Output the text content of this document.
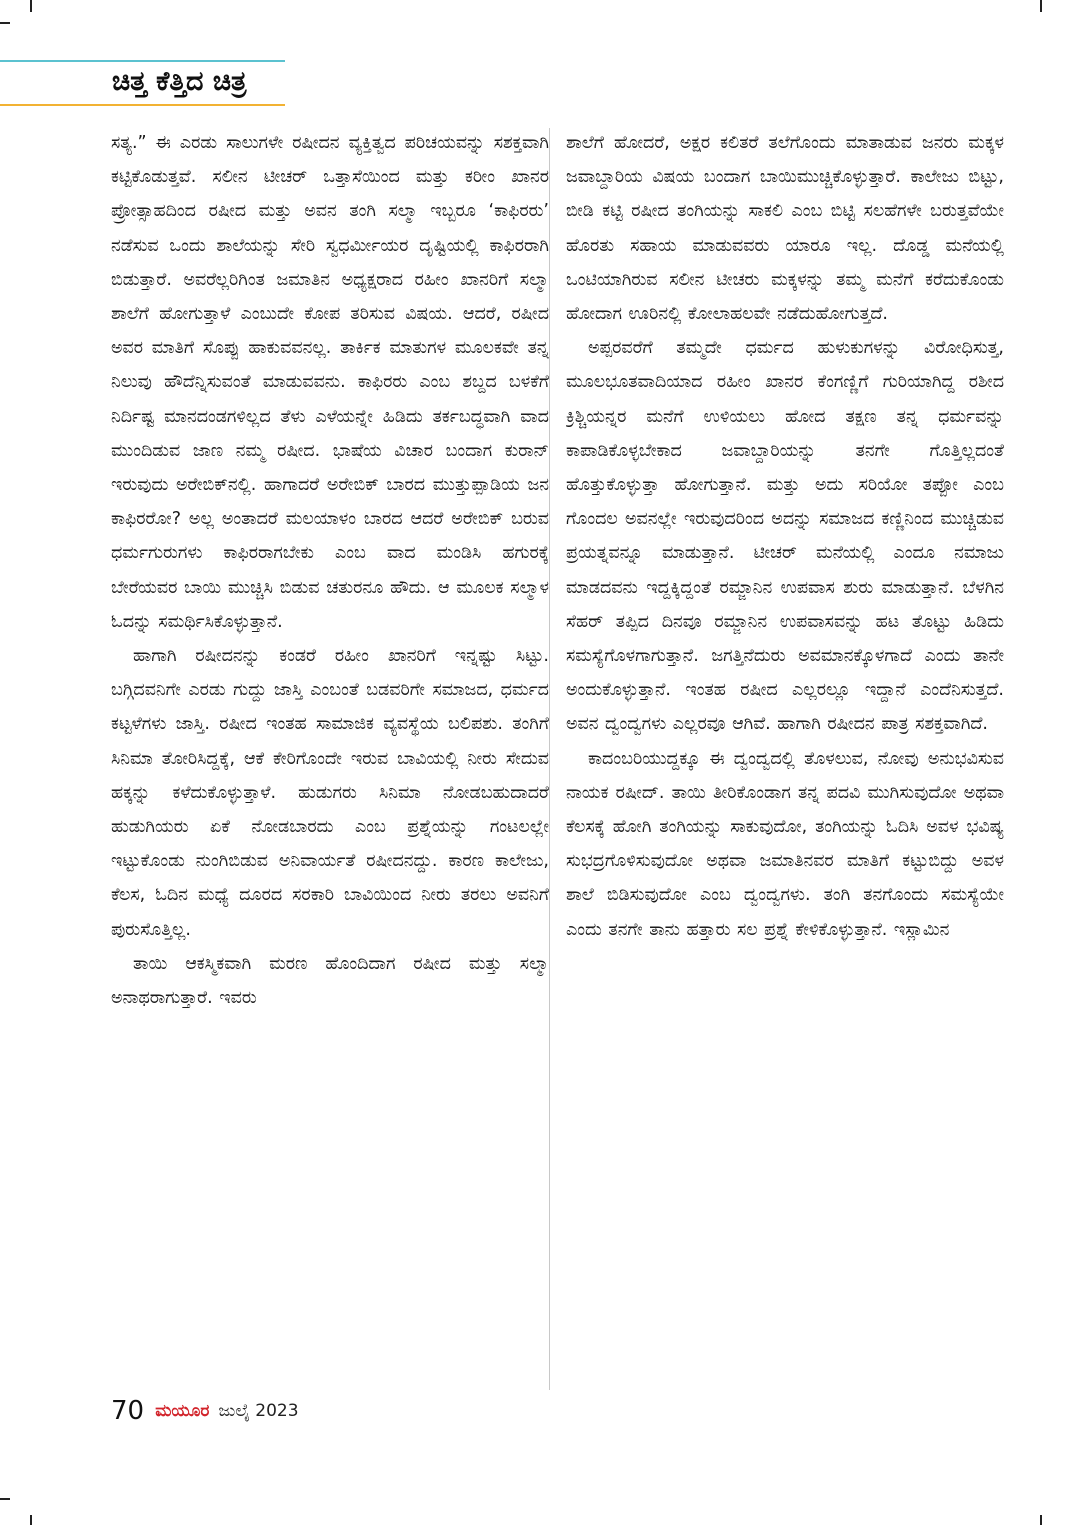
ಚಿತ್ತ ಕೆತ್ತಿದ ಚಿತ್ರ

ಸತ್ಯ.” ಈ ಎರಡು ಸಾಲುಗಳೇ ರಷೀದನ ವ್ಯಕ್ತಿತ್ವದ ಪರಿಚಯವನ್ನು ಸಶಕ್ತವಾಗಿ ಕಟ್ಟಿಕೊಡುತ್ತವೆ. ಸಲೀನ ಟೀಚರ್ ಒತ್ತಾಸೆಯಿಂದ ಮತ್ತು ಕರೀಂ ಖಾನರ ಪ್ರೋತ್ಸಾಹದಿಂದ ರಷೀದ ಮತ್ತು ಅವನ ತಂಗಿ ಸಲ್ಮಾ ಇಬ್ಬರೂ ‘ಕಾಫಿರರು’ ನಡೆಸುವ ಒಂದು ಶಾಲೆಯನ್ನು ಸೇರಿ ಸ್ವಧರ್ಮೀಯರ ದೃಷ್ಟಿಯಲ್ಲಿ ಕಾಫಿರರಾಗಿ ಬಿಡುತ್ತಾರೆ. ಅವರೆಲ್ಲರಿಗಿಂತ ಜಮಾತಿನ ಅಧ್ಯಕ್ಷರಾದ ರಹೀಂ ಖಾನರಿಗೆ ಸಲ್ಮಾ ಶಾಲೆಗೆ ಹೋಗುತ್ತಾಳೆ ಎಂಬುದೇ ಕೋಪ ತರಿಸುವ ವಿಷಯ. ಆದರೆ, ರಷೀದ ಅವರ ಮಾತಿಗೆ ಸೊಪ್ಪು ಹಾಕುವವನಲ್ಲ. ತಾರ್ಕಿಕ ಮಾತುಗಳ ಮೂಲಕವೇ ತನ್ನ ನಿಲುವು ಹೌದೆನ್ನಿಸುವಂತೆ ಮಾಡುವವನು. ಕಾಫಿರರು ಎಂಬ ಶಬ್ದದ ಬಳಕೆಗೆ ನಿರ್ದಿಷ್ಟ ಮಾನದಂಡಗಳಿಲ್ಲದ ತೆಳು ಎಳೆಯನ್ನೇ ಹಿಡಿದು ತರ್ಕಬದ್ಧವಾಗಿ ವಾದ ಮುಂದಿಡುವ ಜಾಣ ನಮ್ಮ ರಷೀದ. ಭಾಷೆಯ ವಿಚಾರ ಬಂದಾಗ ಕುರಾನ್ ಇರುವುದು ಅರೇಬಿಕ್‌ನಲ್ಲಿ. ಹಾಗಾದರೆ ಅರೇಬಿಕ್ ಬಾರದ ಮುತ್ತುಪ್ಪಾಡಿಯ ಜನ ಕಾಫಿರರೋ? ಅಲ್ಲ ಅಂತಾದರೆ ಮಲಯಾಳಂ ಬಾರದ ಆದರೆ ಅರೇಬಿಕ್ ಬರುವ ಧರ್ಮಗುರುಗಳು ಕಾಫಿರರಾಗಬೇಕು ಎಂಬ ವಾದ ಮಂಡಿಸಿ ಹಗುರಕ್ಕೆ ಬೇರೆಯವರ ಬಾಯಿ ಮುಚ್ಚಿಸಿ ಬಿಡುವ ಚತುರನೂ ಹೌದು. ಆ ಮೂಲಕ ಸಲ್ಮಾಳ ಓದನ್ನು ಸಮರ್ಥಿಸಿಕೊಳ್ಳುತ್ತಾನೆ.

ಹಾಗಾಗಿ ರಷೀದನನ್ನು ಕಂಡರೆ ರಹೀಂ ಖಾನರಿಗೆ ಇನ್ನಷ್ಟು ಸಿಟ್ಟು. ಬಗ್ಗಿದವನಿಗೇ ಎರಡು ಗುದ್ದು ಜಾಸ್ತಿ ಎಂಬಂತೆ ಬಡವರಿಗೇ ಸಮಾಜದ, ಧರ್ಮದ ಕಟ್ಟಳೆಗಳು ಜಾಸ್ತಿ. ರಷೀದ ಇಂತಹ ಸಾಮಾಜಿಕ ವ್ಯವಸ್ಥೆಯ ಬಲಿಪಶು. ತಂಗಿಗೆ ಸಿನಿಮಾ ತೋರಿಸಿದ್ದಕ್ಕೆ, ಆಕೆ ಕೇರಿಗೊಂದೇ ಇರುವ ಬಾವಿಯಲ್ಲಿ ನೀರು ಸೇದುವ ಹಕ್ಕನ್ನು ಕಳೆದುಕೊಳ್ಳುತ್ತಾಳೆ. ಹುಡುಗರು ಸಿನಿಮಾ ನೋಡಬಹುದಾದರೆ ಹುಡುಗಿಯರು ಏಕೆ ನೋಡಬಾರದು ಎಂಬ ಪ್ರಶ್ನೆಯನ್ನು ಗಂಟಲಲ್ಲೇ ಇಟ್ಟುಕೊಂಡು ನುಂಗಿಬಿಡುವ ಅನಿವಾರ್ಯತೆ ರಷೀದನದ್ದು. ಕಾರಣ ಕಾಲೇಜು, ಕೆಲಸ, ಓದಿನ ಮಧ್ಯೆ ದೂರದ ಸರಕಾರಿ ಬಾವಿಯಿಂದ ನೀರು ತರಲು ಅವನಿಗೆ ಪುರುಸೊತ್ತಿಲ್ಲ.

ತಾಯಿ ಆಕಸ್ಮಿಕವಾಗಿ ಮರಣ ಹೊಂದಿದಾಗ ರಷೀದ ಮತ್ತು ಸಲ್ಮಾ ಅನಾಥರಾಗುತ್ತಾರೆ. ಇವರು

ಶಾಲೆಗೆ ಹೋದರೆ, ಅಕ್ಷರ ಕಲಿತರೆ ತಲೆಗೊಂದು ಮಾತಾಡುವ ಜನರು ಮಕ್ಕಳ ಜವಾಬ್ದಾರಿಯ ವಿಷಯ ಬಂದಾಗ ಬಾಯಿಮುಚ್ಚಿಕೊಳ್ಳುತ್ತಾರೆ. ಕಾಲೇಜು ಬಿಟ್ಟು, ಬೀಡಿ ಕಟ್ಟಿ ರಷೀದ ತಂಗಿಯನ್ನು ಸಾಕಲಿ ಎಂಬ ಬಿಟ್ಟಿ ಸಲಹೆಗಳೇ ಬರುತ್ತವೆಯೇ ಹೊರತು ಸಹಾಯ ಮಾಡುವವರು ಯಾರೂ ಇಲ್ಲ. ದೊಡ್ಡ ಮನೆಯಲ್ಲಿ ಒಂಟಿಯಾಗಿರುವ ಸಲೀನ ಟೀಚರು ಮಕ್ಕಳನ್ನು ತಮ್ಮ ಮನೆಗೆ ಕರೆದುಕೊಂಡು ಹೋದಾಗ ಊರಿನಲ್ಲಿ ಕೋಲಾಹಲವೇ ನಡೆದುಹೋಗುತ್ತದೆ.

ಅಪ್ಪರವರೆಗೆ ತಮ್ಮದೇ ಧರ್ಮದ ಹುಳುಕುಗಳನ್ನು ವಿರೋಧಿಸುತ್ತ, ಮೂಲಭೂತವಾದಿಯಾದ ರಹೀಂ ಖಾನರ ಕೆಂಗಣ್ಣಿಗೆ ಗುರಿಯಾಗಿದ್ದ ರಶೀದ ಕ್ರಿಶ್ಚಿಯನ್ನರ ಮನೆಗೆ ಉಳಿಯಲು ಹೋದ ತಕ್ಷಣ ತನ್ನ ಧರ್ಮವನ್ನು ಕಾಪಾಡಿಕೊಳ್ಳಬೇಕಾದ ಜವಾಬ್ದಾರಿಯನ್ನು ತನಗೇ ಗೊತ್ತಿಲ್ಲದಂತೆ ಹೊತ್ತುಕೊಳ್ಳುತ್ತಾ ಹೋಗುತ್ತಾನೆ. ಮತ್ತು ಅದು ಸರಿಯೋ ತಪ್ಪೋ ಎಂಬ ಗೊಂದಲ ಅವನಲ್ಲೇ ಇರುವುದರಿಂದ ಅದನ್ನು ಸಮಾಜದ ಕಣ್ಣಿನಿಂದ ಮುಚ್ಚಿಡುವ ಪ್ರಯತ್ನವನ್ನೂ ಮಾಡುತ್ತಾನೆ. ಟೀಚರ್ ಮನೆಯಲ್ಲಿ ಎಂದೂ ನಮಾಜು ಮಾಡದವನು ಇದ್ದಕ್ಕಿದ್ದಂತೆ ರಮ್ಜಾನಿನ ಉಪವಾಸ ಶುರು ಮಾಡುತ್ತಾನೆ. ಬೆಳಗಿನ ಸೆಹರ್ ತಪ್ಪಿದ ದಿನವೂ ರಮ್ಜಾನಿನ ಉಪವಾಸವನ್ನು ಹಟ ತೊಟ್ಟು ಹಿಡಿದು ಸಮಸ್ಯೆಗೊಳಗಾಗುತ್ತಾನೆ. ಜಗತ್ತಿನೆದುರು ಅವಮಾನಕ್ಕೊಳಗಾದೆ ಎಂದು ತಾನೇ ಅಂದುಕೊಳ್ಳುತ್ತಾನೆ. ಇಂತಹ ರಷೀದ ಎಲ್ಲರಲ್ಲೂ ಇದ್ದಾನೆ ಎಂದೆನಿಸುತ್ತದೆ. ಅವನ ದ್ವಂದ್ವಗಳು ಎಲ್ಲರವೂ ಆಗಿವೆ. ಹಾಗಾಗಿ ರಷೀದನ ಪಾತ್ರ ಸಶಕ್ತವಾಗಿದೆ.

ಕಾದಂಬರಿಯುದ್ದಕ್ಕೂ ಈ ದ್ವಂದ್ವದಲ್ಲಿ ತೊಳಲುವ, ನೋವು ಅನುಭವಿಸುವ ನಾಯಕ ರಷೀದ್. ತಾಯಿ ತೀರಿಕೊಂಡಾಗ ತನ್ನ ಪದವಿ ಮುಗಿಸುವುದೋ ಅಥವಾ ಕೆಲಸಕ್ಕೆ ಹೋಗಿ ತಂಗಿಯನ್ನು ಸಾಕುವುದೋ, ತಂಗಿಯನ್ನು ಓದಿಸಿ ಅವಳ ಭವಿಷ್ಯ ಸುಭದ್ರಗೊಳಿಸುವುದೋ ಅಥವಾ ಜಮಾತಿನವರ ಮಾತಿಗೆ ಕಟ್ಟುಬಿದ್ದು ಅವಳ ಶಾಲೆ ಬಿಡಿಸುವುದೋ ಎಂಬ ದ್ವಂದ್ವಗಳು. ತಂಗಿ ತನಗೊಂದು ಸಮಸ್ಯೆಯೇ ಎಂದು ತನಗೇ ತಾನು ಹತ್ತಾರು ಸಲ ಪ್ರಶ್ನೆ ಕೇಳಿಕೊಳ್ಳುತ್ತಾನೆ. ಇಸ್ಲಾಮಿನ

70 ಮಯೂರ ಜುಲೈ 2023
